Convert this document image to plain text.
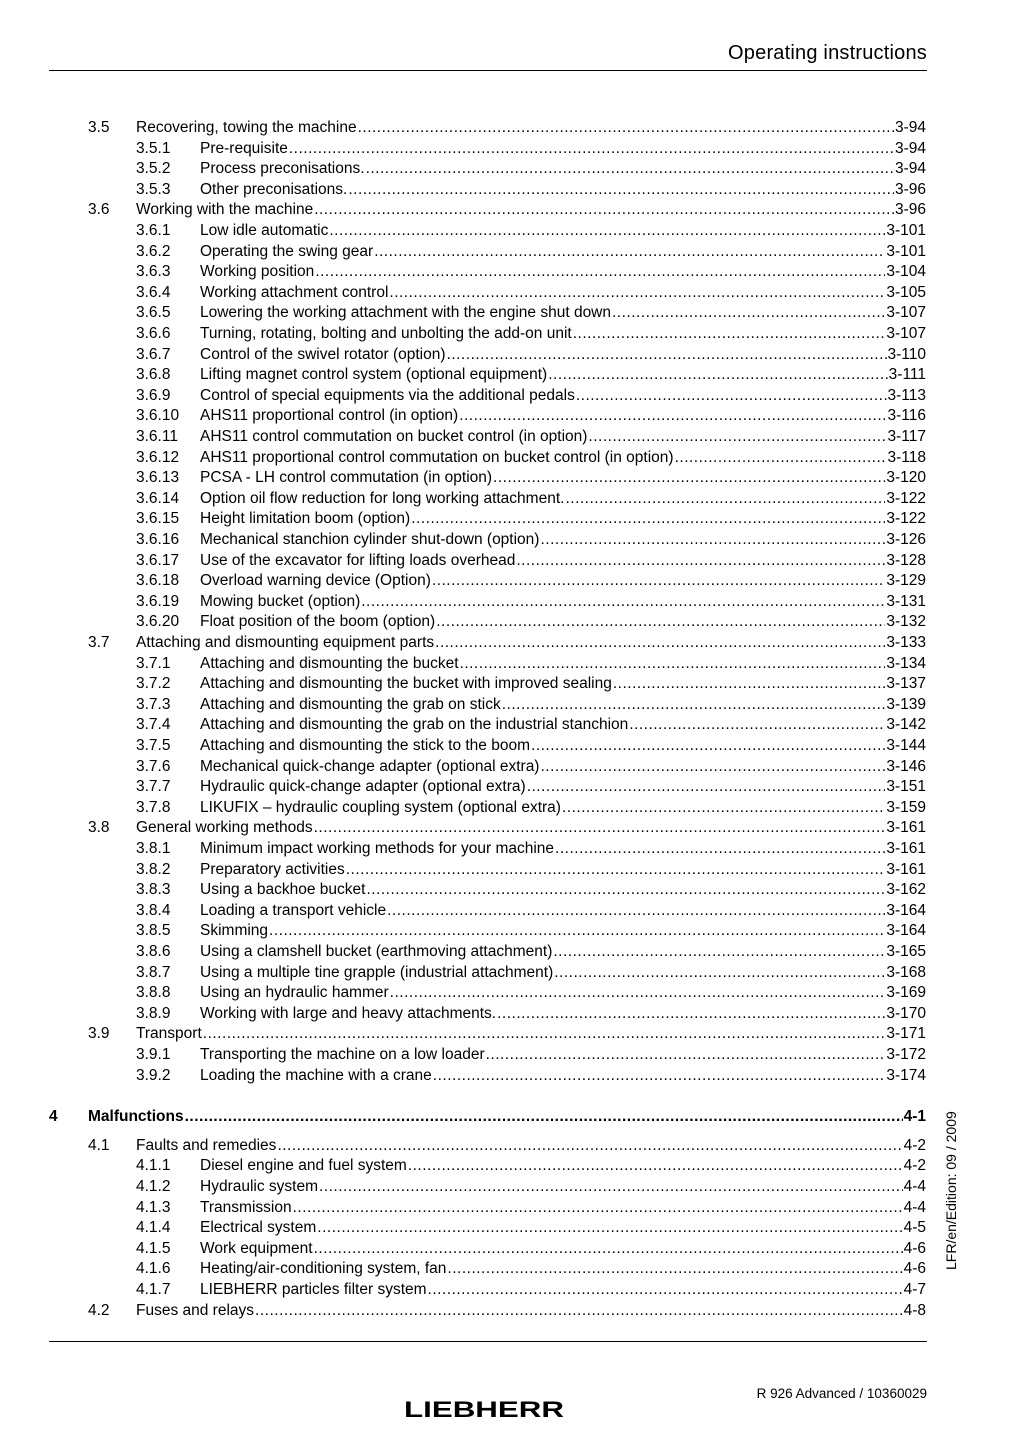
Operating instructions
3.5 Recovering, towing the machine .....	3-94
3.5.1 Pre-requisite .....	3-94
3.5.2 Process preconisations. .....	3-94
3.5.3 Other preconisations. .....	3-96
3.6 Working with the machine .....	3-96
3.6.1 Low idle automatic .....	3-101
3.6.2 Operating the swing gear .....	3-101
3.6.3 Working position .....	3-104
3.6.4 Working attachment control .....	3-105
3.6.5 Lowering the working attachment with the engine shut down .....	3-107
3.6.6 Turning, rotating, bolting and unbolting the add-on unit .....	3-107
3.6.7 Control of the swivel rotator (option) .....	3-110
3.6.8 Lifting magnet control system (optional equipment) .....	3-111
3.6.9 Control of special equipments via the additional pedals .....	3-113
3.6.10 AHS11 proportional control (in option) .....	3-116
3.6.11 AHS11 control commutation on bucket control (in option) .....	3-117
3.6.12 AHS11 proportional control commutation on bucket control (in option) .....	3-118
3.6.13 PCSA - LH control commutation (in option) .....	3-120
3.6.14 Option oil flow reduction for long working attachment. .....	3-122
3.6.15 Height limitation boom (option) .....	3-122
3.6.16 Mechanical stanchion cylinder shut-down (option) .....	3-126
3.6.17 Use of the excavator for lifting loads overhead .....	3-128
3.6.18 Overload warning device (Option) .....	3-129
3.6.19 Mowing bucket (option) .....	3-131
3.6.20 Float position of the boom (option) .....	3-132
3.7 Attaching and dismounting equipment parts .....	3-133
3.7.1 Attaching and dismounting the bucket .....	3-134
3.7.2 Attaching and dismounting the bucket with improved sealing .....	3-137
3.7.3 Attaching and dismounting the grab on stick .....	3-139
3.7.4 Attaching and dismounting the grab on the industrial stanchion .....	3-142
3.7.5 Attaching and dismounting the stick to the boom .....	3-144
3.7.6 Mechanical quick-change adapter (optional extra) .....	3-146
3.7.7 Hydraulic quick-change adapter (optional extra) .....	3-151
3.7.8 LIKUFIX – hydraulic coupling system (optional extra) .....	3-159
3.8 General working methods .....	3-161
3.8.1 Minimum impact working methods for your machine .....	3-161
3.8.2 Preparatory activities .....	3-161
3.8.3 Using a backhoe bucket .....	3-162
3.8.4 Loading a transport vehicle .....	3-164
3.8.5 Skimming .....	3-164
3.8.6 Using a clamshell bucket (earthmoving attachment) .....	3-165
3.8.7 Using a multiple tine grapple (industrial attachment) .....	3-168
3.8.8 Using an hydraulic hammer .....	3-169
3.8.9 Working with large and heavy attachments. .....	3-170
3.9 Transport .....	3-171
3.9.1 Transporting the machine on a low loader .....	3-172
3.9.2 Loading the machine with a crane .....	3-174
4 Malfunctions .....	4-1
4.1 Faults and remedies .....	4-2
4.1.1 Diesel engine and fuel system .....	4-2
4.1.2 Hydraulic system .....	4-4
4.1.3 Transmission .....	4-4
4.1.4 Electrical system .....	4-5
4.1.5 Work equipment .....	4-6
4.1.6 Heating/air-conditioning system, fan .....	4-6
4.1.7 LIEBHERR particles filter system .....	4-7
4.2 Fuses and relays .....	4-8
LFR/en/Edition: 09 / 2009
LIEBHERR
R 926 Advanced / 10360029
